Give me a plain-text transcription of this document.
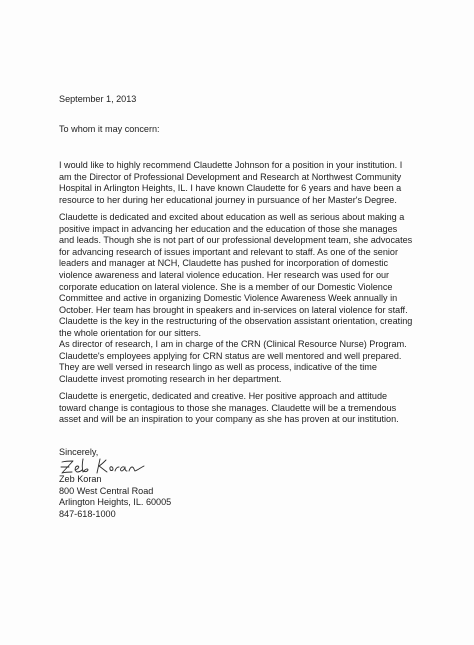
September 1, 2013

To whom it may concern:

I would like to highly recommend Claudette Johnson for a position in your institution. I
am the Director of Professional Development and Research at Northwest Community
Hospital in Arlington Heights, IL. I have known Claudette for 6 years and have been a
resource to her during her educational journey in pursuance of her Master's Degree.

Claudette is dedicated and excited about education as well as serious about making a
positive impact in advancing her education and the education of those she manages
and leads. Though she is not part of our professional development team, she advocates
for advancing research of issues important and relevant to staff. As one of the senior
leaders and manager at NCH, Claudette has pushed for incorporation of domestic
violence awareness and lateral violence education. Her research was used for our
corporate education on lateral violence. She is a member of our Domestic Violence
Committee and active in organizing Domestic Violence Awareness Week annually in
October. Her team has brought in speakers and in-services on lateral violence for staff.
Claudette is the key in the restructuring of the observation assistant orientation, creating
the whole orientation for our sitters.

As director of research, I am in charge of the CRN (Clinical Resource Nurse) Program.
Claudette's employees applying for CRN status are well mentored and well prepared.
They are well versed in research lingo as well as process, indicative of the time
Claudette invest promoting research in her department.

Claudette is energetic, dedicated and creative. Her positive approach and attitude
toward change is contagious to those she manages. Claudette will be a tremendous
asset and will be an inspiration to your company as she has proven at our institution.

Sincerely,

Zeb Koran
800 West Central Road
Arlington Heights, IL. 60005
847-618-1000
